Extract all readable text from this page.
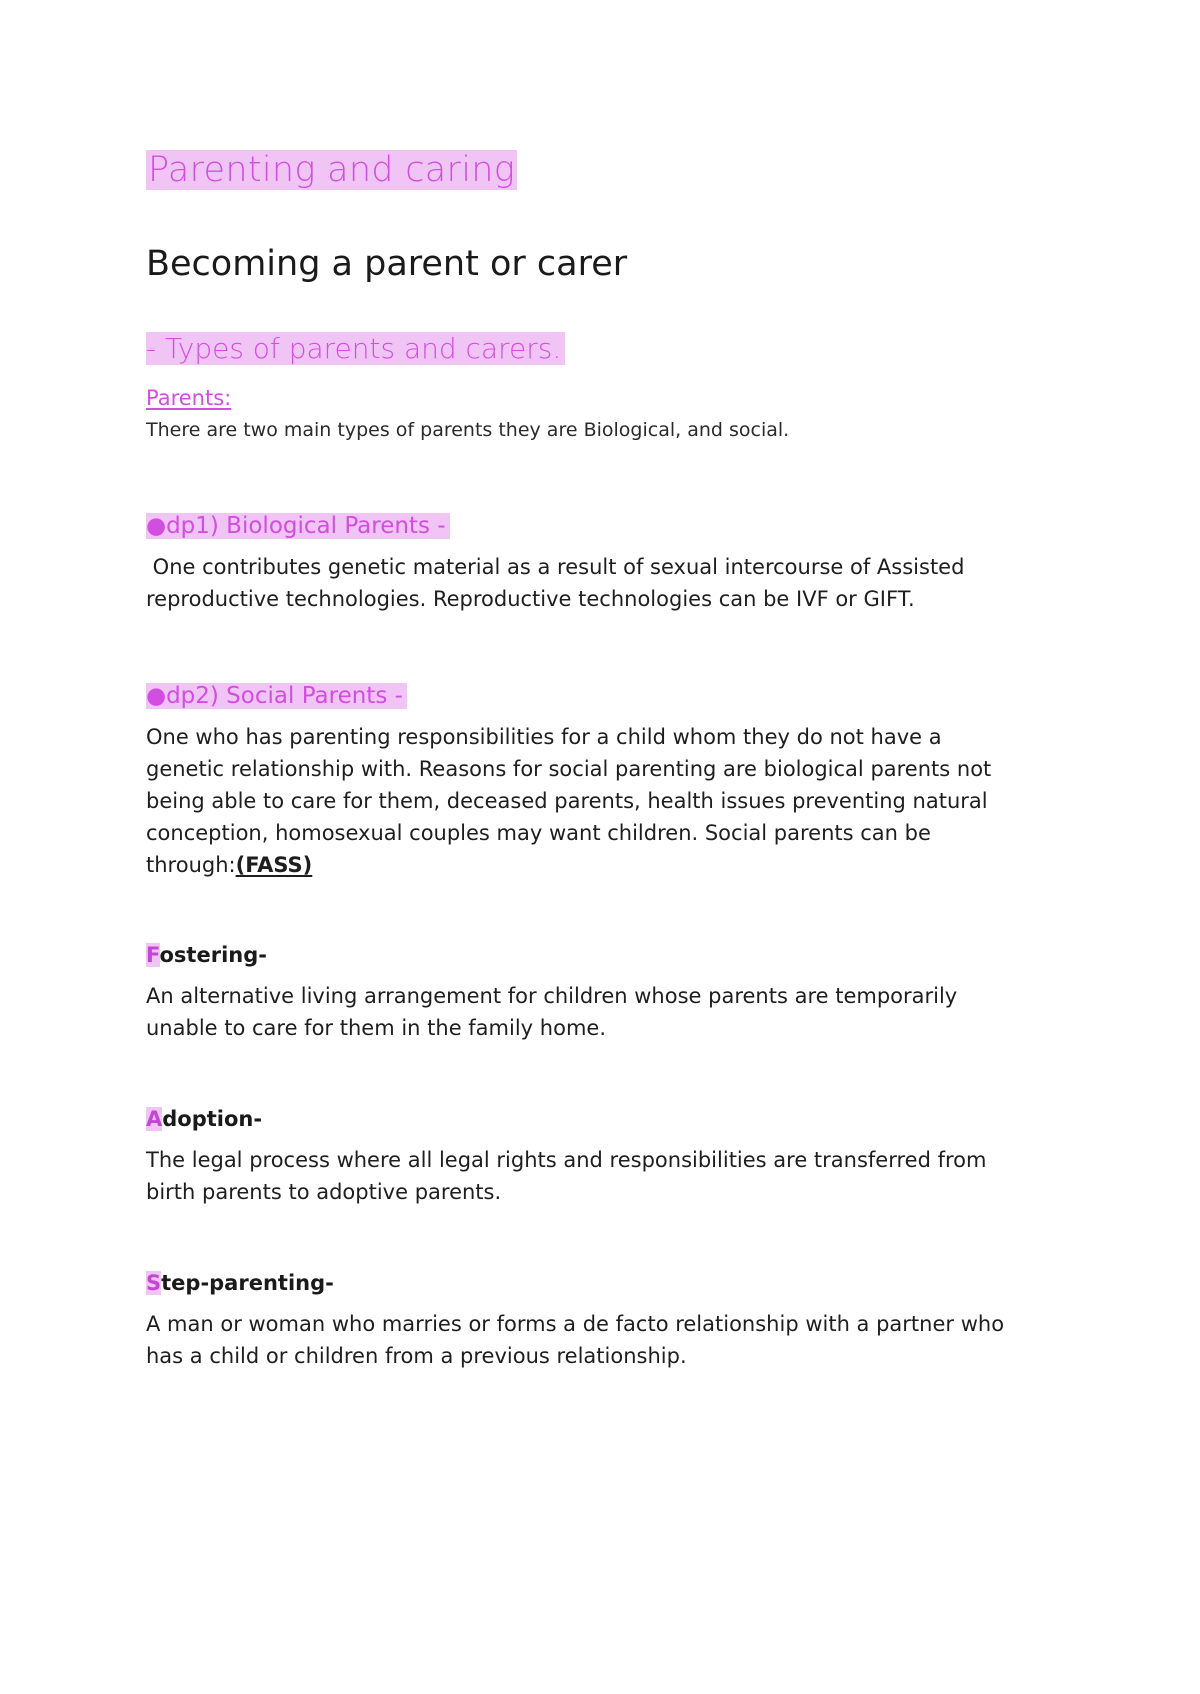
Parenting and caring
Becoming a parent or carer
- Types of parents and carers.
Parents:
There are two main types of parents they are Biological, and social.
●dp1) Biological Parents -
One contributes genetic material as a result of sexual intercourse of Assisted
reproductive technologies. Reproductive technologies can be IVF or GIFT.
●dp2) Social Parents -
One who has parenting responsibilities for a child whom they do not have a
genetic relationship with. Reasons for social parenting are biological parents not
being able to care for them, deceased parents, health issues preventing natural
conception, homosexual couples may want children. Social parents can be
through:(FASS)
Fostering-
An alternative living arrangement for children whose parents are temporarily
unable to care for them in the family home.
Adoption-
The legal process where all legal rights and responsibilities are transferred from
birth parents to adoptive parents.
Step-parenting-
A man or woman who marries or forms a de facto relationship with a partner who
has a child or children from a previous relationship.
